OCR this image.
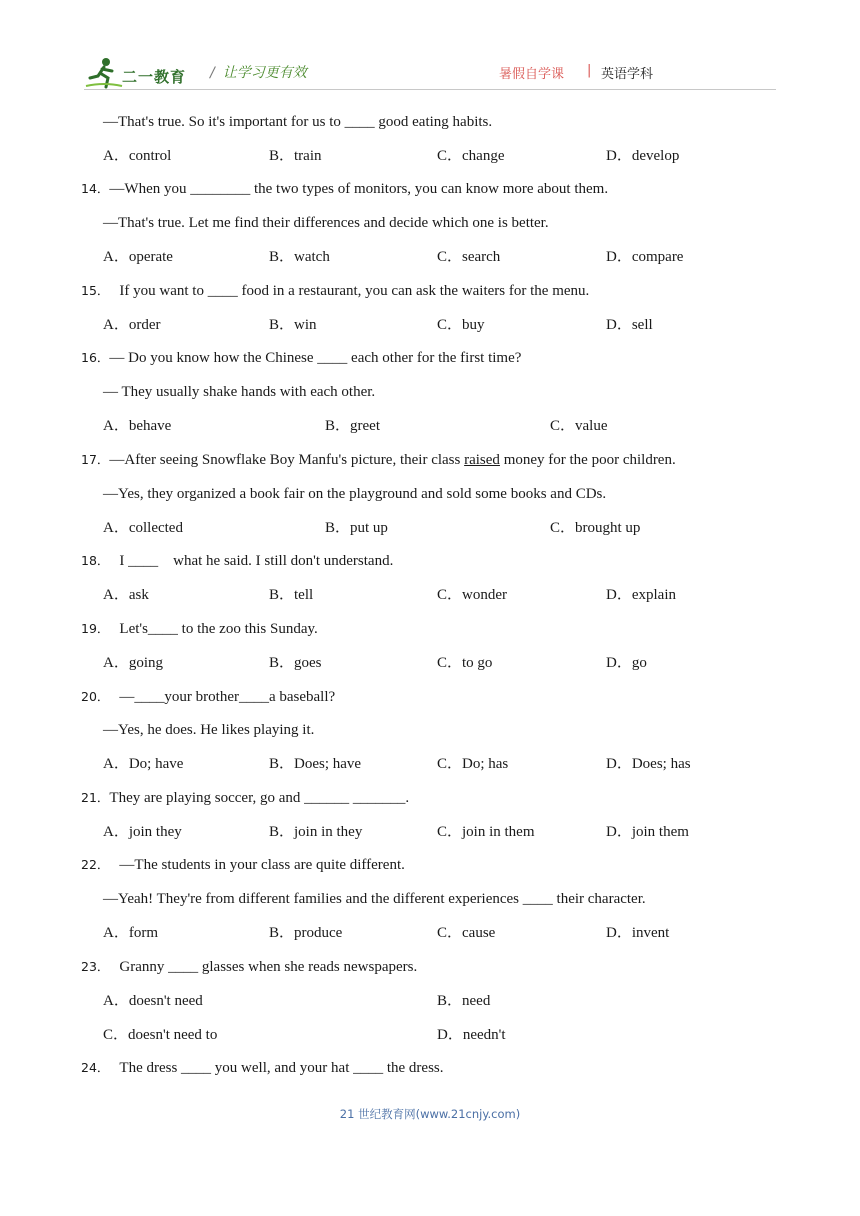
二一教育 / 让学习更有效	暑假自学课 | 英语学科
—That's true. So it's important for us to ____ good eating habits.
A．control	B．train	C．change	D．develop
14．—When you ________ the two types of monitors, you can know more about them.
—That's true. Let me find their differences and decide which one is better.
A．operate	B．watch	C．search	D．compare
15． If you want to ____ food in a restaurant, you can ask the waiters for the menu.
A．order	B．win	C．buy	D．sell
16．— Do you know how the Chinese ____ each other for the first time?
— They usually shake hands with each other.
A．behave	B．greet	C．value
17．—After seeing Snowflake Boy Manfu's picture, their class raised money for the poor children.
—Yes, they organized a book fair on the playground and sold some books and CDs.
A．collected	B．put up	C．brought up
18． I ____    what he said. I still don't understand.
A．ask	B．tell	C．wonder	D．explain
19． Let's____ to the zoo this Sunday.
A．going	B．goes	C．to go	D．go
20． —____your brother____a baseball?
—Yes, he does. He likes playing it.
A．Do; have	B．Does; have	C．Do; has	D．Does; has
21．They are playing soccer, go and ______ _______.
A．join they	B．join in they	C．join in them	D．join them
22． —The students in your class are quite different.
—Yeah! They're from different families and the different experiences ____ their character.
A．form	B．produce	C．cause	D．invent
23． Granny ____ glasses when she reads newspapers.
A．doesn't need	B．need
C．doesn't need to	D．needn't
24． The dress ____ you well, and your hat ____ the dress.
21 世纪教育网(www.21cnjy.com)
